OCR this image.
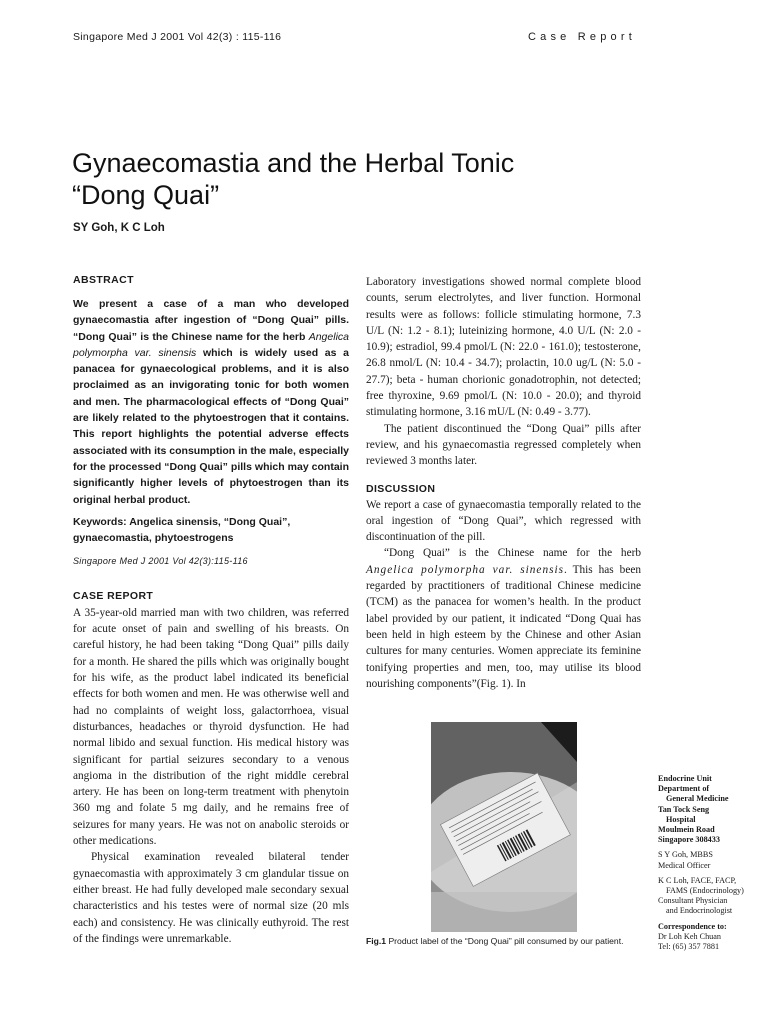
Singapore Med J 2001 Vol 42(3) : 115-116	Case Report
Gynaecomastia and the Herbal Tonic
“Dong Quai”
SY Goh, K C Loh

ABSTRACT

We present a case of a man who developed gynaecomastia after ingestion of “Dong Quai” pills. “Dong Quai” is the Chinese name for the herb Angelica polymorpha var. sinensis which is widely used as a panacea for gynaecological problems, and it is also proclaimed as an invigorating tonic for both women and men. The pharmacological effects of “Dong Quai” are likely related to the phytoestrogen that it contains. This report highlights the potential adverse effects associated with its consumption in the male, especially for the processed “Dong Quai” pills which may contain significantly higher levels of phytoestrogen than its original herbal product.

Keywords: Angelica sinensis, “Dong Quai”, gynaecomastia, phytoestrogens

Singapore Med J 2001 Vol 42(3):115-116

CASE REPORT

A 35-year-old married man with two children, was referred for acute onset of pain and swelling of his breasts. On careful history, he had been taking “Dong Quai” pills daily for a month. He shared the pills which was originally bought for his wife, as the product label indicated its beneficial effects for both women and men. He was otherwise well and had no complaints of weight loss, galactorrhoea, visual disturbances, headaches or thyroid dysfunction. He had normal libido and sexual function. His medical history was significant for partial seizures secondary to a venous angioma in the distribution of the right middle cerebral artery. He has been on long-term treatment with phenytoin 360 mg and folate 5 mg daily, and he remains free of seizures for many years. He was not on anabolic steroids or other medications.

Physical examination revealed bilateral tender gynaecomastia with approximately 3 cm glandular tissue on either breast. He had fully developed male secondary sexual characteristics and his testes were of normal size (20 mls each) and consistency. He was clinically euthyroid. The rest of the findings were unremarkable.

Laboratory investigations showed normal complete blood counts, serum electrolytes, and liver function. Hormonal results were as follows: follicle stimulating hormone, 7.3 U/L (N: 1.2 - 8.1); luteinizing hormone, 4.0 U/L (N: 2.0 - 10.9); estradiol, 99.4 pmol/L (N: 22.0 - 161.0); testosterone, 26.8 nmol/L (N: 10.4 - 34.7); prolactin, 10.0 ug/L (N: 5.0 - 27.7); beta - human chorionic gonadotrophin, not detected; free thyroxine, 9.69 pmol/L (N: 10.0 - 20.0); and thyroid stimulating hormone, 3.16 mU/L (N: 0.49 - 3.77).

The patient discontinued the “Dong Quai” pills after review, and his gynaecomastia regressed completely when reviewed 3 months later.

DISCUSSION

We report a case of gynaecomastia temporally related to the oral ingestion of “Dong Quai”, which regressed with discontinuation of the pill.

“Dong Quai” is the Chinese name for the herb Angelica polymorpha var. sinensis. This has been regarded by practitioners of traditional Chinese medicine (TCM) as the panacea for women’s health. In the product label provided by our patient, it indicated “Dong Quai has been held in high esteem by the Chinese and other Asian cultures for many centuries. Women appreciate its feminine tonifying properties and men, too, may utilise its blood nourishing components”(Fig. 1). In

Fig.1 Product label of the “Dong Quai” pill consumed by our patient.

Endocrine Unit

Department of

General Medicine

Tan Tock Seng

Hospital

Moulmein Road

Singapore 308433

S Y Goh, MBBS

Medical Officer

K C Loh, FACE, FACP,

FAMS (Endocrinology)

Consultant Physician

and Endocrinologist

Correspondence to:

Dr Loh Keh Chuan

Tel: (65) 357 7881
